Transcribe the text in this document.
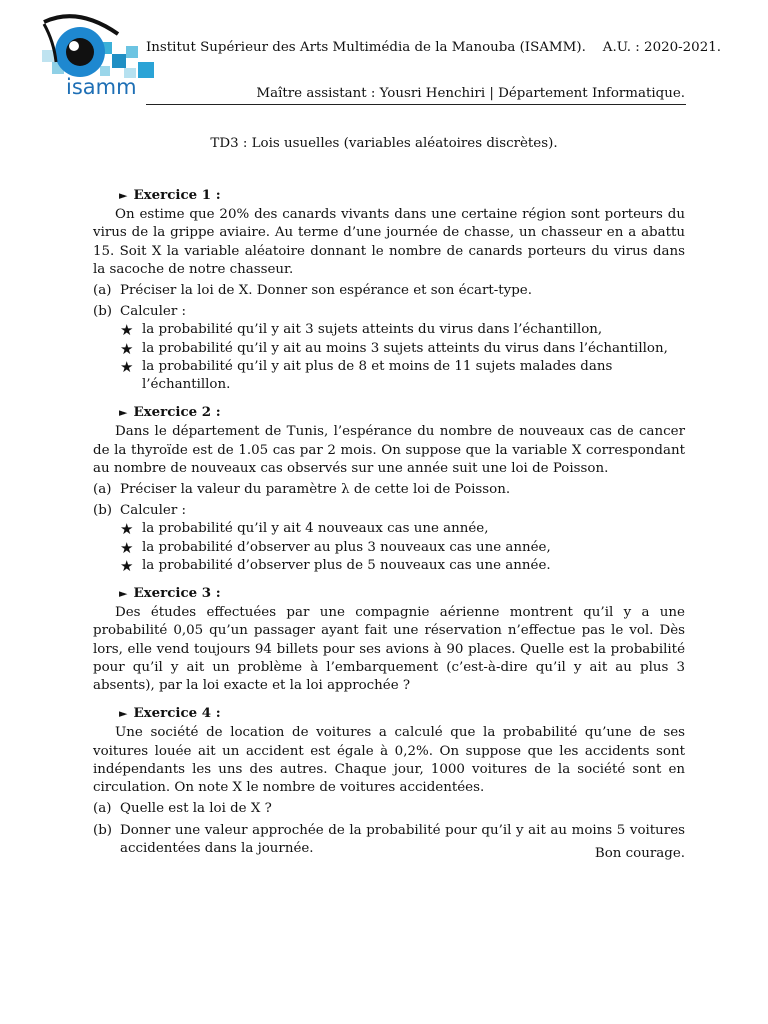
isamm
Institut Supérieur des Arts Multimédia de la Manouba (ISAMM). A.U. : 2020-2021.
Maître assistant : Yousri Henchiri | Département Informatique.
TD3 : Lois usuelles (variables aléatoires discrètes).
► Exercice 1 :

On estime que 20% des canards vivants dans une certaine région sont porteurs du virus de la grippe aviaire. Au terme d’une journée de chasse, un chasseur en a abattu 15. Soit X la variable aléatoire donnant le nombre de canards porteurs du virus dans la sacoche de notre chasseur.

(a) Préciser la loi de X. Donner son espérance et son écart-type.
(b) Calculer :
★ la probabilité qu’il y ait 3 sujets atteints du virus dans l’échantillon,
★ la probabilité qu’il y ait au moins 3 sujets atteints du virus dans l’échantillon,
★ la probabilité qu’il y ait plus de 8 et moins de 11 sujets malades dans l’échantillon.
► Exercice 2 :

Dans le département de Tunis, l’espérance du nombre de nouveaux cas de cancer de la thyroïde est de 1.05 cas par 2 mois. On suppose que la variable X correspondant au nombre de nouveaux cas observés sur une année suit une loi de Poisson.

(a) Préciser la valeur du paramètre λ de cette loi de Poisson.
(b) Calculer :
★ la probabilité qu’il y ait 4 nouveaux cas une année,
★ la probabilité d’observer au plus 3 nouveaux cas une année,
★ la probabilité d’observer plus de 5 nouveaux cas une année.
► Exercice 3 :

Des études effectuées par une compagnie aérienne montrent qu’il y a une probabilité 0,05 qu’un passager ayant fait une réservation n’effectue pas le vol. Dès lors, elle vend toujours 94 billets pour ses avions à 90 places. Quelle est la probabilité pour qu’il y ait un problème à l’embarquement (c’est-à-dire qu’il y ait au plus 3 absents), par la loi exacte et la loi approchée ?

► Exercice 4 :

Une société de location de voitures a calculé que la probabilité qu’une de ses voitures louée ait un accident est égale à 0,2%. On suppose que les accidents sont indépendants les uns des autres. Chaque jour, 1000 voitures de la société sont en circulation. On note X le nombre de voitures accidentées.

(a) Quelle est la loi de X ?
(b) Donner une valeur approchée de la probabilité pour qu’il y ait au moins 5 voitures accidentées dans la journée.	Bon courage.
